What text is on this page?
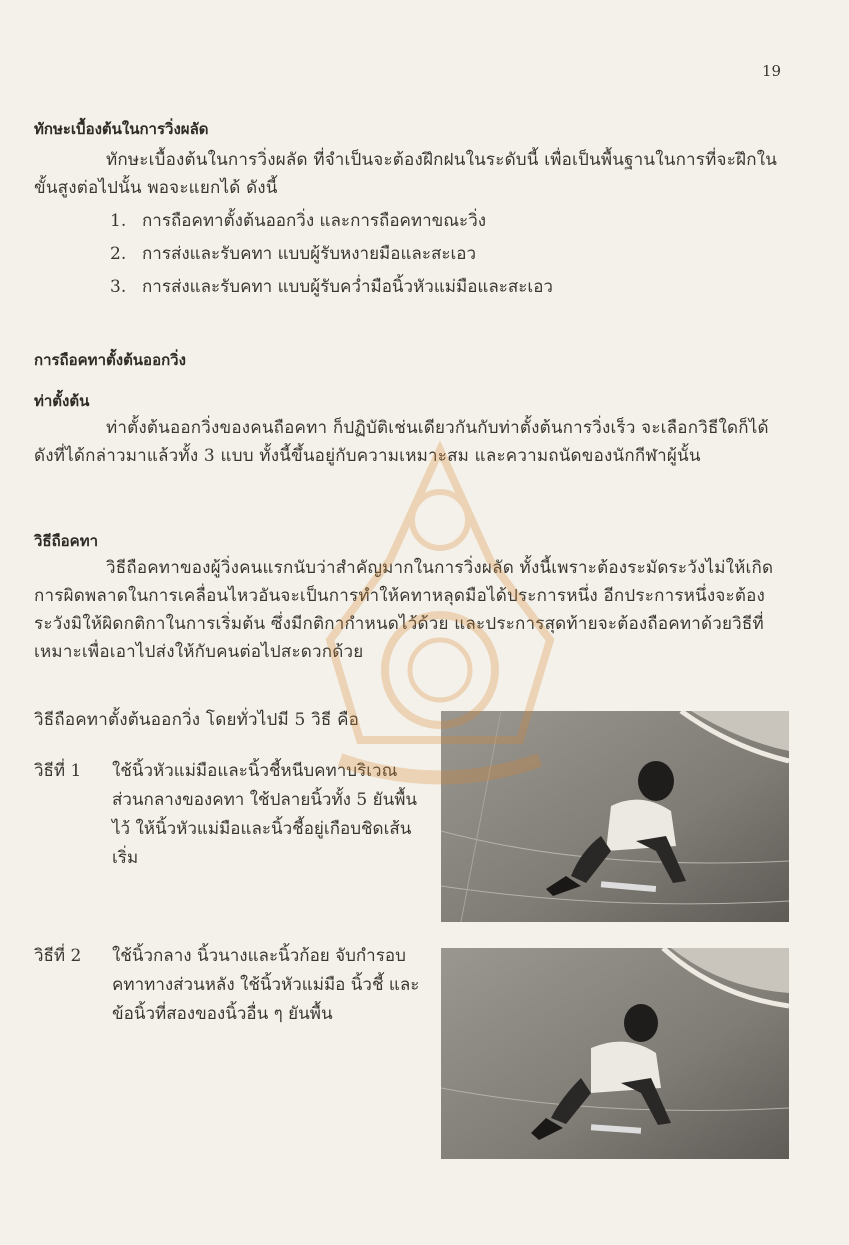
19
ทักษะเบื้องต้นในการวิ่งผลัด
ทักษะเบื้องต้นในการวิ่งผลัด ที่จำเป็นจะต้องฝึกฝนในระดับนี้ เพื่อเป็นพื้นฐานในการที่จะฝึกในขั้นสูงต่อไปนั้น พอจะแยกได้ ดังนี้
1. การถือคทาตั้งต้นออกวิ่ง และการถือคทาขณะวิ่ง
2. การส่งและรับคทา แบบผู้รับหงายมือและสะเอว
3. การส่งและรับคทา แบบผู้รับคว่ำมือนิ้วหัวแม่มือและสะเอว
การถือคทาตั้งต้นออกวิ่ง
ท่าตั้งต้น
ท่าตั้งต้นออกวิ่งของคนถือคทา ก็ปฏิบัติเช่นเดียวกันกับท่าตั้งต้นการวิ่งเร็ว จะเลือกวิธีใดก็ได้ ดังที่ได้กล่าวมาแล้วทั้ง 3 แบบ ทั้งนี้ขึ้นอยู่กับความเหมาะสม และความถนัดของนักกีฬาผู้นั้น
วิธีถือคทา
วิธีถือคทาของผู้วิ่งคนแรกนับว่าสำคัญมากในการวิ่งผลัด ทั้งนี้เพราะต้องระมัดระวังไม่ให้เกิดการผิดพลาดในการเคลื่อนไหวอันจะเป็นการทำให้คทาหลุดมือได้ประการหนึ่ง อีกประการหนึ่งจะต้องระวังมิให้ผิดกติกาในการเริ่มต้น ซึ่งมีกติกากำหนดไว้ด้วย และประการสุดท้ายจะต้องถือคทาด้วยวิธีที่เหมาะเพื่อเอาไปส่งให้กับคนต่อไปสะดวกด้วย
วิธีถือคทาตั้งต้นออกวิ่ง โดยทั่วไปมี 5 วิธี คือ
วิธีที่ 1 ใช้นิ้วหัวแม่มือและนิ้วชี้หนีบคทาบริเวณส่วนกลางของคทา ใช้ปลายนิ้วทั้ง 5 ยันพื้นไว้ ให้นิ้วหัวแม่มือและนิ้วชี้อยู่เกือบชิดเส้นเริ่ม
วิธีที่ 2 ใช้นิ้วกลาง นิ้วนางและนิ้วก้อย จับกำรอบคทาทางส่วนหลัง ใช้นิ้วหัวแม่มือ นิ้วชี้ และข้อนิ้วที่สองของนิ้วอื่น ๆ ยันพื้น
